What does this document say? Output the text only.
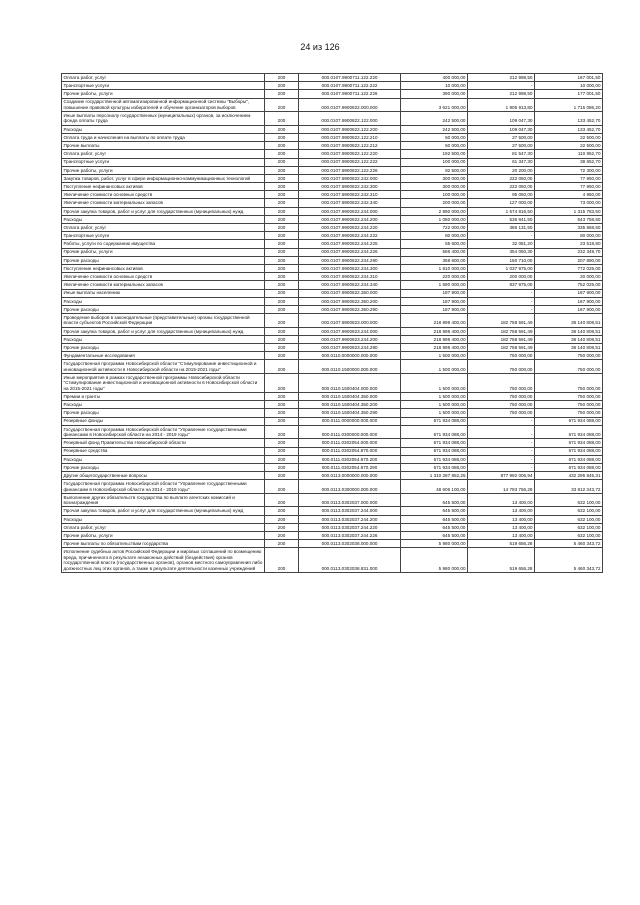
24 из 126
Оплата работ, услуг	200	000.0107.9900711.122.220	400 000,00	212 998,50	187 001,50
Транспортные услуги	200	000.0107.9900711.122.222	10 000,00	-	10 000,00
Прочие работы, услуги	200	000.0107.9900711.122.226	390 000,00	212 998,50	177 001,50
Создание государственной автоматизированной информационной системы "Выборы", повышение правовой культуры избирателей и обучение организаторов выборов	200	000.0107.9900822.000.000	3 621 000,00	1 905 913,80	1 715 086,20
Иные выплаты персоналу государственных (муниципальных) органов, за исключением фонда оплаты труда	200	000.0107.9900822.122.000	242 500,00	109 047,30	133 452,70
Расходы	200	000.0107.9900822.122.200	242 500,00	109 047,30	133 452,70
Оплата труда и начисления на выплаты по оплате труда	200	000.0107.9900822.122.210	50 000,00	27 500,00	22 500,00
Прочие выплаты	200	000.0107.9900822.122.212	50 000,00	27 500,00	22 500,00
Оплата работ, услуг	200	000.0107.9900822.122.220	192 500,00	81 547,30	110 952,70
Транспортные услуги	200	000.0107.9900822.122.222	100 000,00	61 347,30	38 652,70
Прочие работы, услуги	200	000.0107.9900822.122.226	92 500,00	20 200,00	72 300,00
Закупка товаров, работ, услуг в сфере информационно-коммуникационных технологий	200	000.0107.9900822.242.000	300 000,00	222 050,00	77 950,00
Поступление нефинансовых активов	200	000.0107.9900822.242.300	300 000,00	222 050,00	77 950,00
Увеличение стоимости основных средств	200	000.0107.9900822.242.310	100 000,00	95 050,00	4 950,00
Увеличение стоимости материальных запасов	200	000.0107.9900822.242.340	200 000,00	127 000,00	73 000,00
Прочая закупка товаров, работ и услуг для государственных (муниципальных) нужд	200	000.0107.9900822.244.000	2 890 000,00	1 574 816,50	1 315 783,50
Расходы	200	000.0107.9900822.244.200	1 080 000,00	536 841,50	543 758,50
Оплата работ, услуг	200	000.0107.9900822.244.220	722 000,00	386 131,50	335 868,50
Транспортные услуги	200	000.0107.9900822.244.222	80 000,00	-	80 000,00
Работы, услуги по содержанию имущества	200	000.0107.9900822.244.225	55 600,00	32 081,20	23 518,80
Прочие работы, услуги	200	000.0107.9900822.244.226	586 400,00	354 050,30	232 349,70
Прочие расходы	200	000.0107.9900822.244.290	358 600,00	150 710,00	207 890,00
Поступление нефинансовых активов	200	000.0107.9900822.244.300	1 810 000,00	1 037 975,00	772 025,00
Увеличение стоимости основных средств	200	000.0107.9900822.244.310	220 000,00	200 000,00	20 000,00
Увеличение стоимости материальных запасов	200	000.0107.9900822.244.340	1 590 000,00	837 975,00	752 025,00
Иные выплаты населению	200	000.0107.9900822.360.000	187 900,00	-	187 900,00
Расходы	200	000.0107.9900822.360.200	187 900,00	-	187 900,00
Прочие расходы	200	000.0107.9900822.360.290	187 900,00	-	187 900,00
Проведение выборов в законодательные (представительные) органы государственной власти субъектов Российской Федерации	200	000.0107.9900823.000.000	218 899 400,00	182 758 591,49	36 140 808,51
Прочая закупка товаров, работ и услуг для государственных (муниципальных) нужд	200	000.0107.9900823.244.000	218 899 400,00	182 758 591,49	36 140 808,51
Расходы	200	000.0107.9900823.244.200	218 899 400,00	182 758 591,49	36 140 808,51
Прочие расходы	200	000.0107.9900823.244.290	218 899 400,00	182 758 591,49	36 140 808,51
Фундаментальные исследования	200	000.0110.0000000.000.000	1 500 000,00	750 000,00	750 000,00
Государственная программа Новосибирской области "Стимулирование инвестиционной и инновационной активности в Новосибирской области на 2015-2021 годы"	200	000.0110.1500000.000.000	1 500 000,00	750 000,00	750 000,00
Иные мероприятия в рамках государственной программы Новосибирской области "Стимулирование инвестиционной и инновационной активности в Новосибирской области на 2015-2021 годы"	200	000.0110.1500404.000.000	1 500 000,00	750 000,00	750 000,00
Премии и гранты	200	000.0110.1500404.350.000	1 500 000,00	750 000,00	750 000,00
Расходы	200	000.0110.1500404.350.200	1 500 000,00	750 000,00	750 000,00
Прочие расходы	200	000.0110.1500404.350.290	1 500 000,00	750 000,00	750 000,00
Резервные фонды	200	000.0111.0000000.000.000	671 934 088,00	-	671 934 088,00
Государственная программа Новосибирской области "Управление государственными финансами в Новосибирской области на 2014 - 2019 годы"	200	000.0111.0300000.000.000	671 934 088,00	-	671 934 088,00
Резервный фонд Правительства Новосибирской области	200	000.0111.0302054.000.000	671 934 088,00	-	671 934 088,00
Резервные средства	200	000.0111.0302054.870.000	671 934 088,00	-	671 934 088,00
Расходы	200	000.0111.0302054.870.200	671 934 088,00	-	671 934 088,00
Прочие расходы	200	000.0111.0302054.870.290	671 934 088,00	-	671 934 088,00
Другие общегосударственные вопросы	200	000.0113.0000000.000.000	1 310 287 852,25	877 992 006,94	432 295 845,31
Государственная программа Новосибирской области "Управление государственными финансами в Новосибирской области на 2014 - 2019 годы"	200	000.0113.0300000.000.000	48 606 100,00	14 793 756,28	33 812 343,72
Выполнение других обязательств государства по выплате агентских комиссий и вознаграждения	200	000.0113.0302037.000.000	645 500,00	13 400,00	632 100,00
Прочая закупка товаров, работ и услуг для государственных (муниципальных) нужд	200	000.0113.0302037.244.000	645 500,00	13 400,00	632 100,00
Расходы	200	000.0113.0302037.244.200	645 500,00	13 400,00	632 100,00
Оплата работ, услуг	200	000.0113.0302037.244.220	645 500,00	13 400,00	632 100,00
Прочие работы, услуги	200	000.0113.0302037.244.226	645 500,00	13 400,00	632 100,00
Прочие выплаты по обязательствам государства	200	000.0113.0302038.000.000	5 980 000,00	519 656,28	5 460 343,72
Исполнение судебных актов Российской Федерации и мировых соглашений по возмещению вреда, причиненного в результате незаконных действий (бездействия) органов государственной власти (государственных органов), органов местного самоуправления либо должностных лиц этих органов, а также в результате деятельности казенных учреждений	200	000.0113.0302038.831.000	5 980 000,00	519 656,28	5 460 343,72
